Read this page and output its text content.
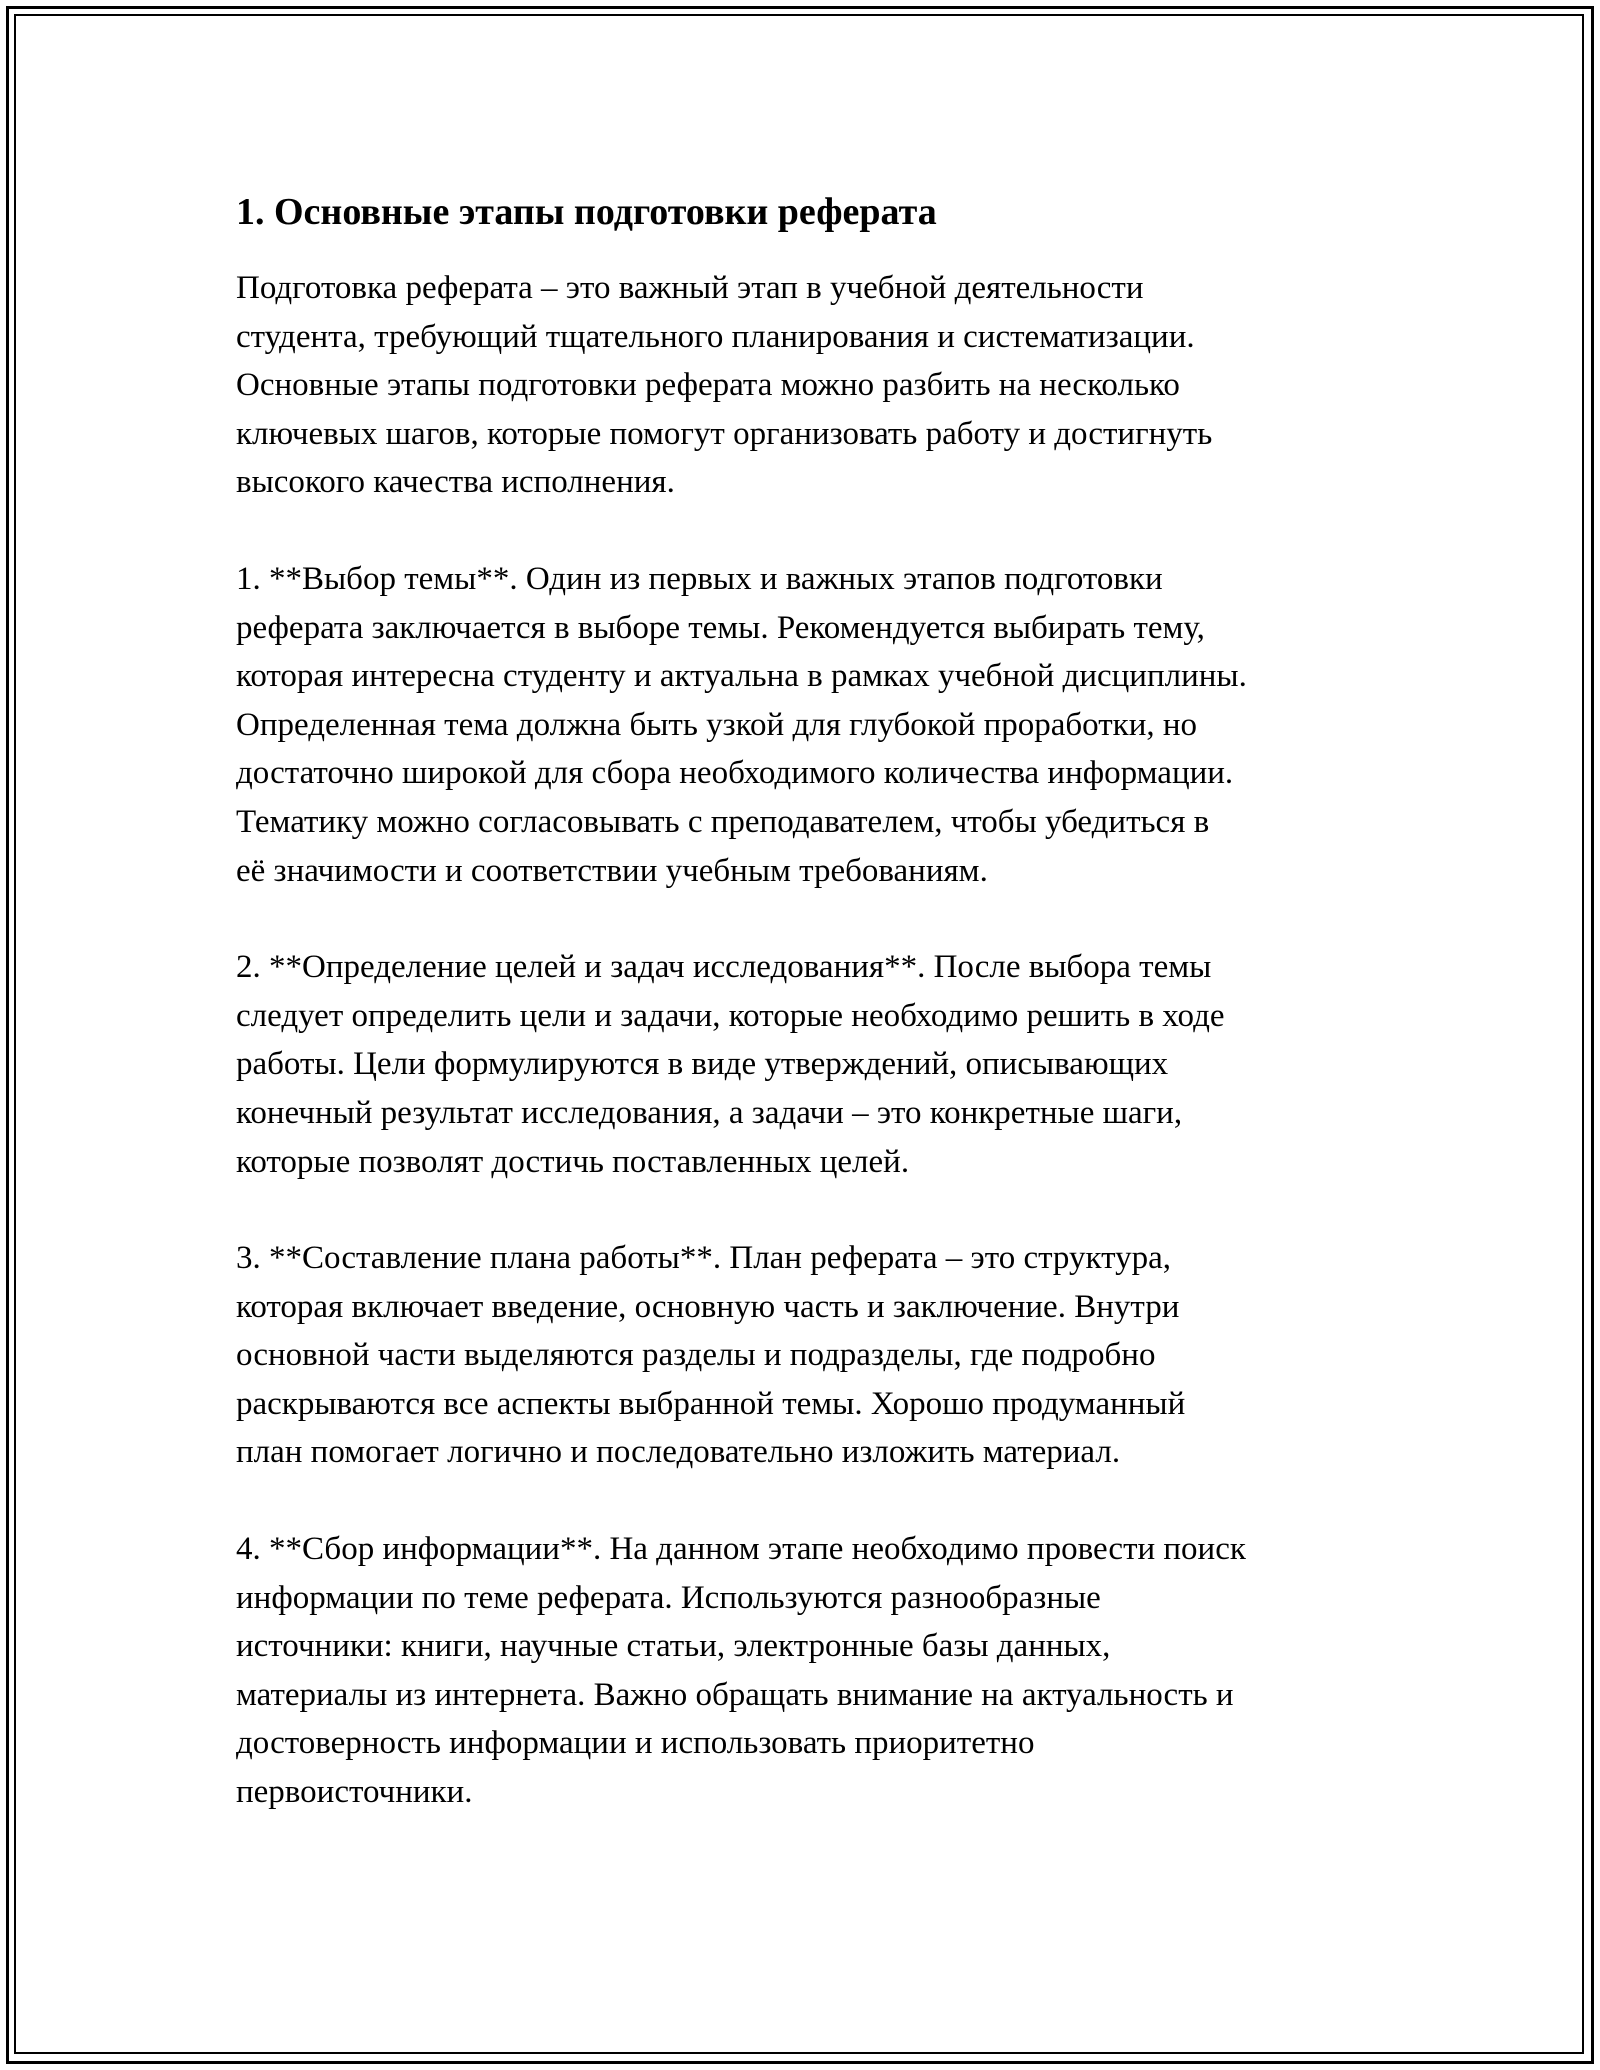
1. Основные этапы подготовки реферата

Подготовка реферата – это важный этап в учебной деятельности
студента, требующий тщательного планирования и систематизации.
Основные этапы подготовки реферата можно разбить на несколько
ключевых шагов, которые помогут организовать работу и достигнуть
высокого качества исполнения.

1. **Выбор темы**. Один из первых и важных этапов подготовки
реферата заключается в выборе темы. Рекомендуется выбирать тему,
которая интересна студенту и актуальна в рамках учебной дисциплины.
Определенная тема должна быть узкой для глубокой проработки, но
достаточно широкой для сбора необходимого количества информации.
Тематику можно согласовывать с преподавателем, чтобы убедиться в
её значимости и соответствии учебным требованиям.

2. **Определение целей и задач исследования**. После выбора темы
следует определить цели и задачи, которые необходимо решить в ходе
работы. Цели формулируются в виде утверждений, описывающих
конечный результат исследования, а задачи – это конкретные шаги,
которые позволят достичь поставленных целей.

3. **Составление плана работы**. План реферата – это структура,
которая включает введение, основную часть и заключение. Внутри
основной части выделяются разделы и подразделы, где подробно
раскрываются все аспекты выбранной темы. Хорошо продуманный
план помогает логично и последовательно изложить материал.

4. **Сбор информации**. На данном этапе необходимо провести поиск
информации по теме реферата. Используются разнообразные
источники: книги, научные статьи, электронные базы данных,
материалы из интернета. Важно обращать внимание на актуальность и
достоверность информации и использовать приоритетно
первоисточники.
